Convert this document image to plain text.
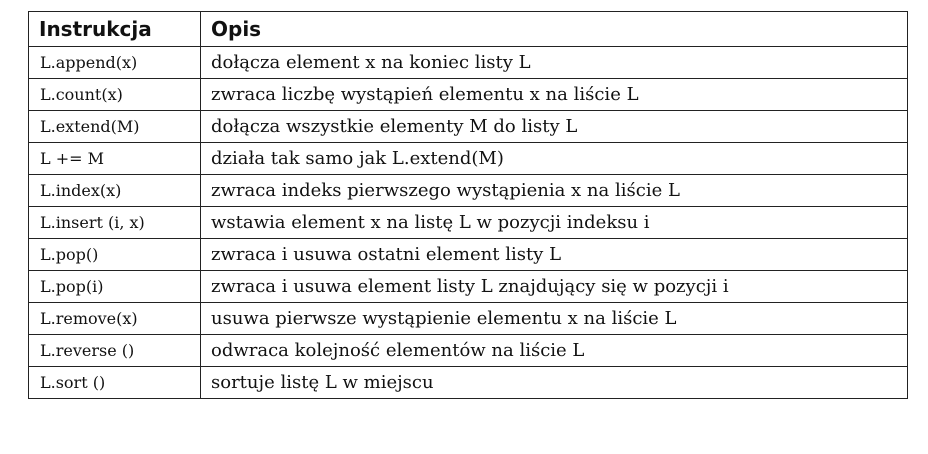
Instrukcja	Opis
L.append(x)	dołącza element x na koniec listy L
L.count(x)	zwraca liczbę wystąpień elementu x na liście L
L.extend(M)	dołącza wszystkie elementy M do listy L
L += M	działa tak samo jak L.extend(M)
L.index(x)	zwraca indeks pierwszego wystąpienia x na liście L
L.insert (i, x)	wstawia element x na listę L w pozycji indeksu i
L.pop()	zwraca i usuwa ostatni element listy L
L.pop(i)	zwraca i usuwa element listy L znajdujący się w pozycji i
L.remove(x)	usuwa pierwsze wystąpienie elementu x na liście L
L.reverse ()	odwraca kolejność elementów na liście L
L.sort ()	sortuje listę L w miejscu
